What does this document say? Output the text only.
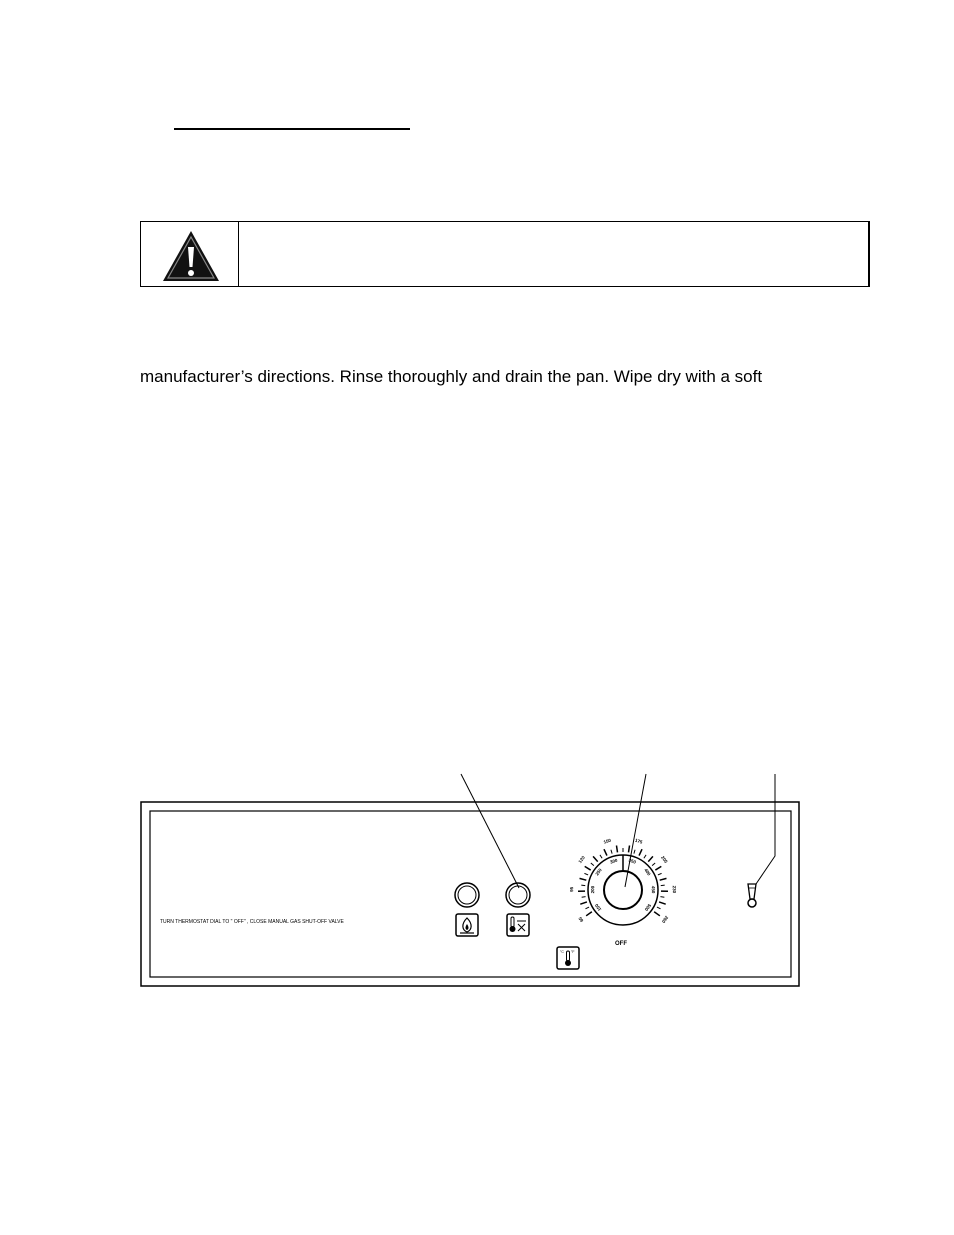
manufacturer’s directions. Rinse thoroughly and drain the pan. Wipe dry with a soft
TURN THERMOSTAT DIAL TO " OFF" , CLOSE MANUAL GAS SHUT-OFF VALVE
°C °F
OFF
150
65
200
95
250
120	300
150
350
175
400
205
450	230
500
260
